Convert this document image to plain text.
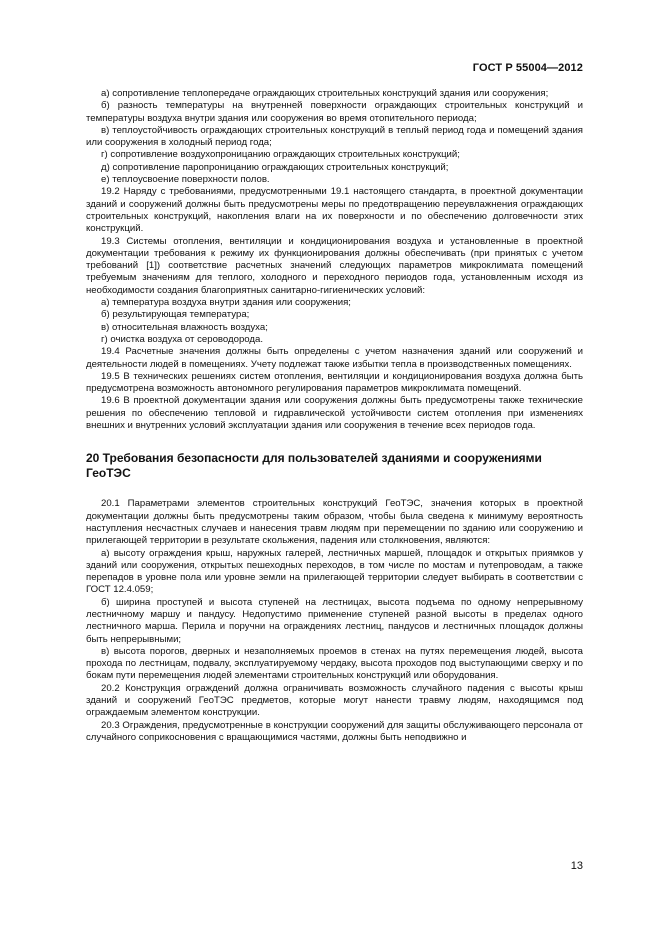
ГОСТ Р 55004—2012

а) сопротивление теплопередаче ограждающих строительных конструкций здания или сооружения;

б) разность температуры на внутренней поверхности ограждающих строительных конструкций и температуры воздуха внутри здания или сооружения во время отопительного периода;

в) теплоустойчивость ограждающих строительных конструкций в теплый период года и помещений здания или сооружения в холодный период года;

г) сопротивление воздухопроницанию ограждающих строительных конструкций;

д) сопротивление паропроницанию ограждающих строительных конструкций;

е) теплоусвоение поверхности полов.

19.2 Наряду с требованиями, предусмотренными 19.1 настоящего стандарта, в проектной документации зданий и сооружений должны быть предусмотрены меры по предотвращению переувлажнения ограждающих строительных конструкций, накопления влаги на их поверхности и по обеспечению долговечности этих конструкций.

19.3 Системы отопления, вентиляции и кондиционирования воздуха и установленные в проектной документации требования к режиму их функционирования должны обеспечивать (при принятых с учетом требований [1]) соответствие расчетных значений следующих параметров микроклимата помещений требуемым значениям для теплого, холодного и переходного периодов года, установленным исходя из необходимости создания благоприятных санитарно-гигиенических условий:

а) температура воздуха внутри здания или сооружения;

б) результирующая температура;

в) относительная влажность воздуха;

г) очистка воздуха от сероводорода.

19.4 Расчетные значения должны быть определены с учетом назначения зданий или сооружений и деятельности людей в помещениях. Учету подлежат также избытки тепла в производственных помещениях.

19.5 В технических решениях систем отопления, вентиляции и кондиционирования воздуха должна быть предусмотрена возможность автономного регулирования параметров микроклимата помещений.

19.6 В проектной документации здания или сооружения должны быть предусмотрены также технические решения по обеспечению тепловой и гидравлической устойчивости систем отопления при изменениях внешних и внутренних условий эксплуатации здания или сооружения в течение всех периодов года.

20 Требования безопасности для пользователей зданиями и сооружениями ГеоТЭС

20.1 Параметрами элементов строительных конструкций ГеоТЭС, значения которых в проектной документации должны быть предусмотрены таким образом, чтобы была сведена к минимуму вероятность наступления несчастных случаев и нанесения травм людям при перемещении по зданию или сооружению и прилегающей территории в результате скольжения, падения или столкновения, являются:

а) высоту ограждения крыш, наружных галерей, лестничных маршей, площадок и открытых приямков у зданий или сооружения, открытых пешеходных переходов, в том числе по мостам и путепроводам, а также перепадов в уровне пола или уровне земли на прилегающей территории следует выбирать в соответствии с ГОСТ 12.4.059;

б) ширина проступей и высота ступеней на лестницах, высота подъема по одному непрерывному лестничному маршу и пандусу. Недопустимо применение ступеней разной высоты в пределах одного лестничного марша. Перила и поручни на ограждениях лестниц, пандусов и лестничных площадок должны быть непрерывными;

в) высота порогов, дверных и незаполняемых проемов в стенах на путях перемещения людей, высота прохода по лестницам, подвалу, эксплуатируемому чердаку, высота проходов под выступающими сверху и по бокам пути перемещения людей элементами строительных конструкций или оборудования.

20.2 Конструкция ограждений должна ограничивать возможность случайного падения с высоты крыш зданий и сооружений ГеоТЭС предметов, которые могут нанести травму людям, находящимся под ограждаемым элементом конструкции.

20.3 Ограждения, предусмотренные в конструкции сооружений для защиты обслуживающего персонала от случайного соприкосновения с вращающимися частями, должны быть неподвижно и

13
